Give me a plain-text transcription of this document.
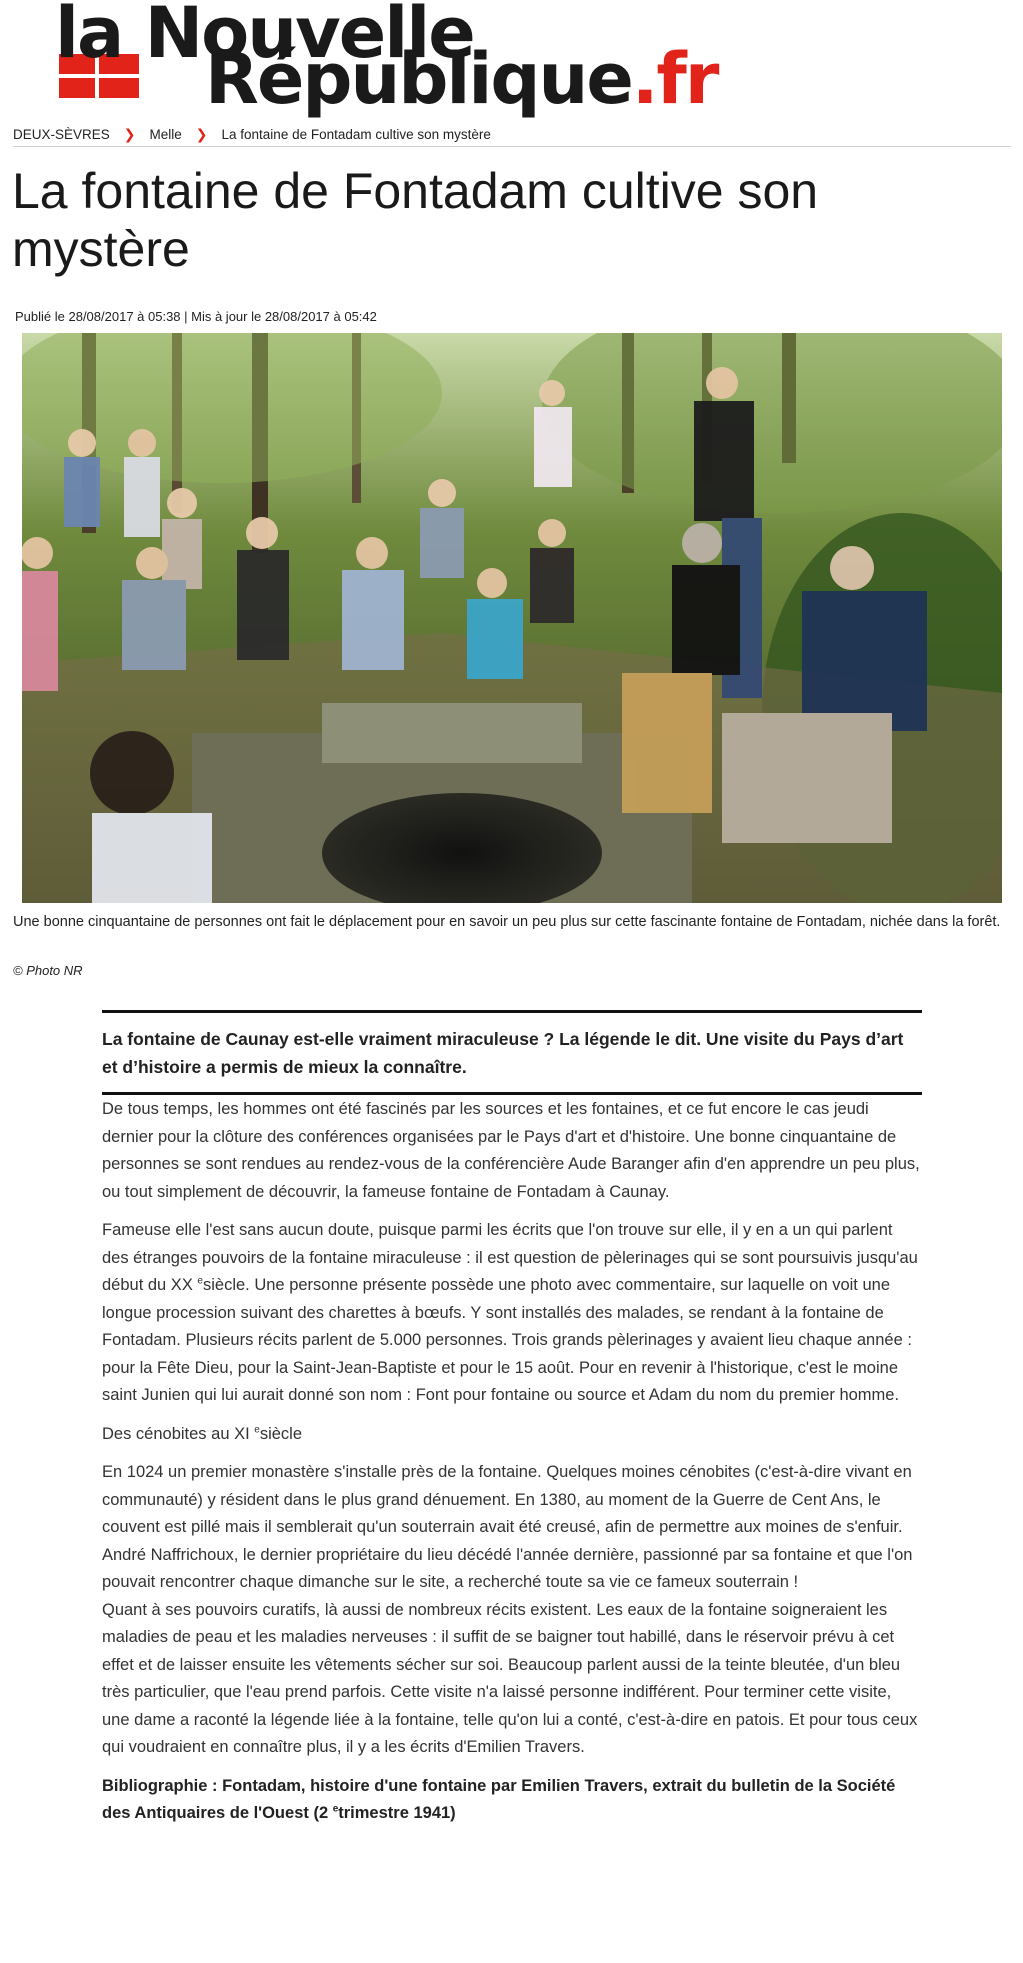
la Nouvelle
République.fr
DEUX-SÈVRES ❯ Melle ❯ La fontaine de Fontadam cultive son mystère
La fontaine de Fontadam cultive son mystère
Publié le 28/08/2017 à 05:38 | Mis à jour le 28/08/2017 à 05:42
Une bonne cinquantaine de personnes ont fait le déplacement pour en savoir un peu plus sur cette fascinante fontaine de Fontadam, nichée dans la forêt.
© Photo NR
La fontaine de Caunay est-elle vraiment miraculeuse ? La légende le dit. Une visite du Pays d’art et d’histoire a permis de mieux la connaître.

De tous temps, les hommes ont été fascinés par les sources et les fontaines, et ce fut encore le cas jeudi dernier pour la clôture des conférences organisées par le Pays d'art et d'histoire. Une bonne cinquantaine de personnes se sont rendues au rendez-vous de la conférencière Aude Baranger afin d'en apprendre un peu plus, ou tout simplement de découvrir, la fameuse fontaine de Fontadam à Caunay.

Fameuse elle l'est sans aucun doute, puisque parmi les écrits que l'on trouve sur elle, il y en a un qui parlent des étranges pouvoirs de la fontaine miraculeuse : il est question de pèlerinages qui se sont poursuivis jusqu'au début du XX $^e$siècle. Une personne présente possède une photo avec commentaire, sur laquelle on voit une longue procession suivant des charettes à bœufs. Y sont installés des malades, se rendant à la fontaine de Fontadam. Plusieurs récits parlent de 5.000 personnes. Trois grands pèlerinages y avaient lieu chaque année : pour la Fête Dieu, pour la Saint-Jean-Baptiste et pour le 15 août. Pour en revenir à l'historique, c'est le moine saint Junien qui lui aurait donné son nom : Font pour fontaine ou source et Adam du nom du premier homme.

Des cénobites au XI $^e$siècle

En 1024 un premier monastère s'installe près de la fontaine. Quelques moines cénobites (c'est-à-dire vivant en communauté) y résident dans le plus grand dénuement. En 1380, au moment de la Guerre de Cent Ans, le couvent est pillé mais il semblerait qu'un souterrain avait été creusé, afin de permettre aux moines de s'enfuir. André Naffrichoux, le dernier propriétaire du lieu décédé l'année dernière, passionné par sa fontaine et que l'on pouvait rencontrer chaque dimanche sur le site, a recherché toute sa vie ce fameux souterrain !

Quant à ses pouvoirs curatifs, là aussi de nombreux récits existent. Les eaux de la fontaine soigneraient les maladies de peau et les maladies nerveuses : il suffit de se baigner tout habillé, dans le réservoir prévu à cet effet et de laisser ensuite les vêtements sécher sur soi. Beaucoup parlent aussi de la teinte bleutée, d'un bleu très particulier, que l'eau prend parfois. Cette visite n'a laissé personne indifférent. Pour terminer cette visite, une dame a raconté la légende liée à la fontaine, telle qu'on lui a conté, c'est-à-dire en patois. Et pour tous ceux qui voudraient en connaître plus, il y a les écrits d'Emilien Travers.

Bibliographie : Fontadam, histoire d'une fontaine par Emilien Travers, extrait du bulletin de la Société des Antiquaires de l'Ouest (2 $^e$trimestre 1941)
